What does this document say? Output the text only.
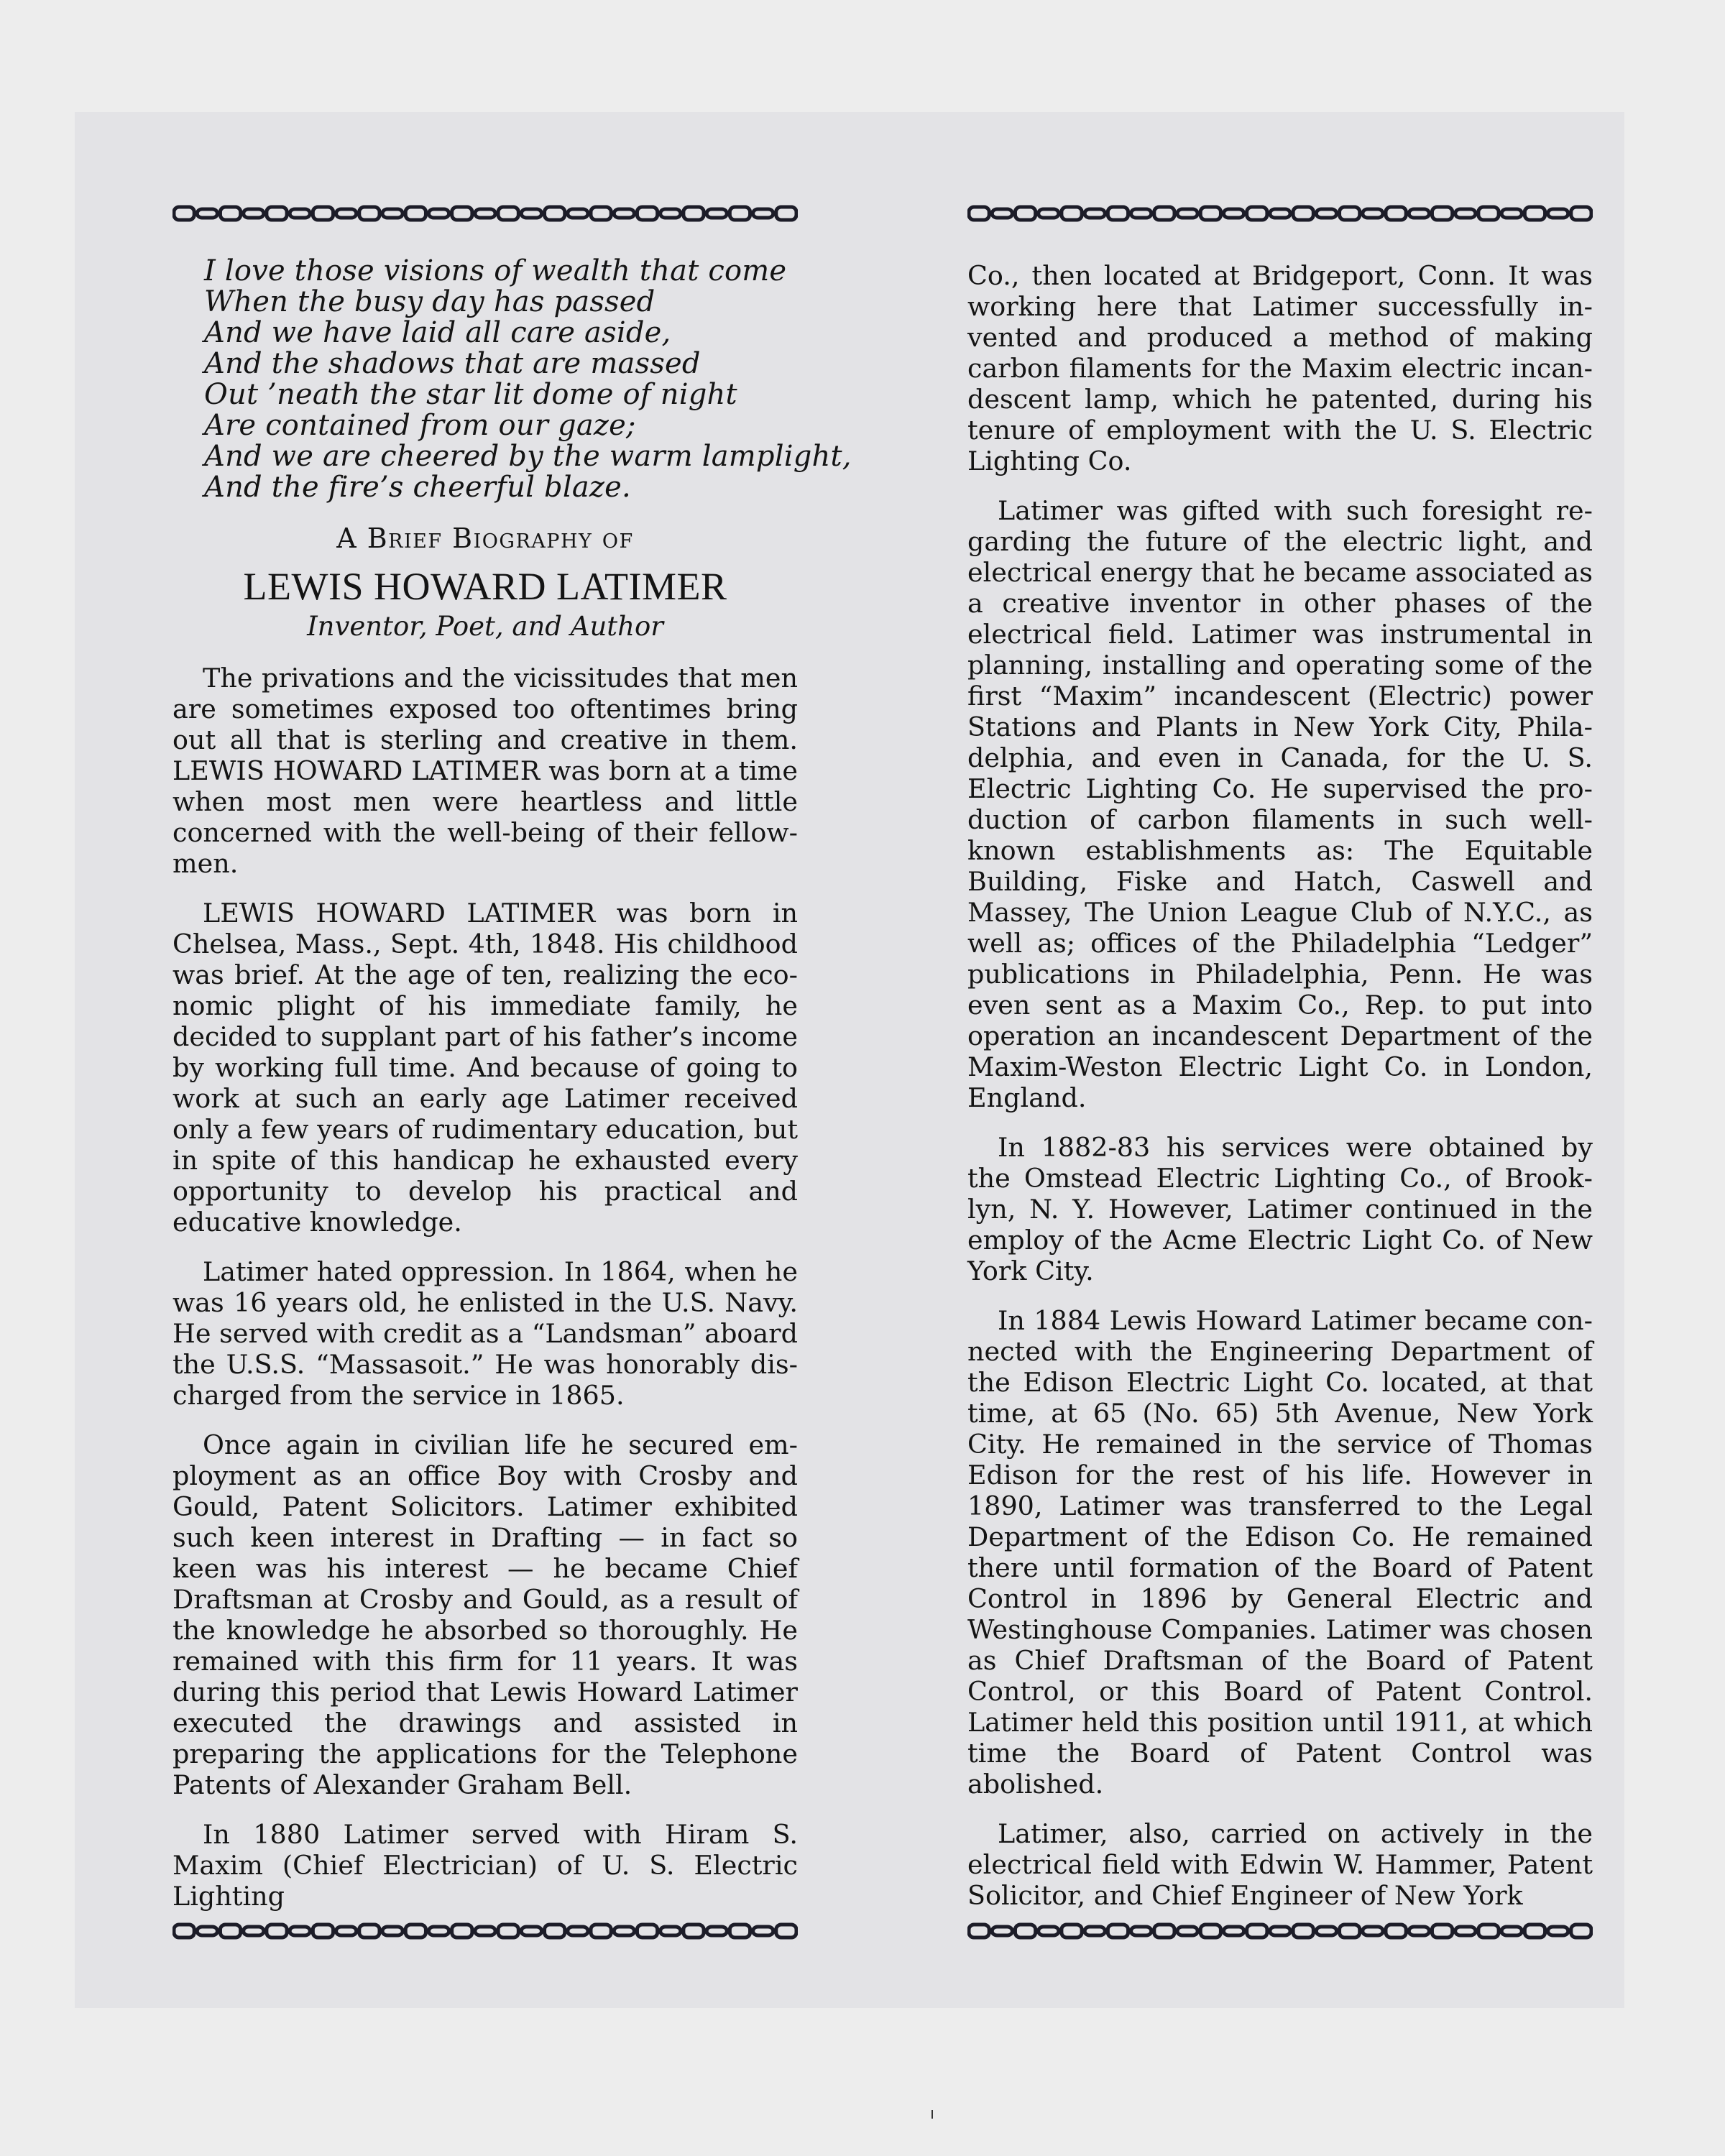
I love those visions of wealth that come
When the busy day has passed
And we have laid all care aside,
And the shadows that are massed
Out ’neath the star lit dome of night
Are contained from our gaze;
And we are cheered by the warm lamplight,
And the fire’s cheerful blaze.
A Brief Biography of
LEWIS HOWARD LATIMER
Inventor, Poet, and Author

The privations and the vicissitudes that men are sometimes exposed too oftentimes bring out all that is sterling and creative in them. LEWIS HOWARD LATIMER was born at a time when most men were heartless and little concerned with the well-being of their fellowmen.

LEWIS HOWARD LATIMER was born in Chelsea, Mass., Sept. 4th, 1848. His childhood was brief. At the age of ten, realizing the economic plight of his immediate family, he decided to supplant part of his father’s income by working full time. And because of going to work at such an early age Latimer received only a few years of rudimentary education, but in spite of this handicap he exhausted every opportunity to develop his practical and educative knowledge.

Latimer hated oppression. In 1864, when he was 16 years old, he enlisted in the U.S. Navy. He served with credit as a “Landsman” aboard the U.S.S. “Massasoit.” He was honorably discharged from the service in 1865.

Once again in civilian life he secured employment as an office Boy with Crosby and Gould, Patent Solicitors. Latimer exhibited such keen interest in Drafting — in fact so keen was his interest — he became Chief Draftsman at Crosby and Gould, as a result of the knowledge he absorbed so thoroughly. He remained with this firm for 11 years. It was during this period that Lewis Howard Latimer executed the drawings and assisted in preparing the applications for the Telephone Patents of Alexander Graham Bell.

In 1880 Latimer served with Hiram S. Maxim (Chief Electrician) of U. S. Electric Lighting

Co., then located at Bridgeport, Conn. It was working here that Latimer successfully invented and produced a method of making carbon filaments for the Maxim electric incandescent lamp, which he patented, during his tenure of employment with the U. S. Electric Lighting Co.

Latimer was gifted with such foresight regarding the future of the electric light, and electrical energy that he became associated as a creative inventor in other phases of the electrical field. Latimer was instrumental in planning, installing and operating some of the first “Maxim” incandescent (Electric) power Stations and Plants in New York City, Philadelphia, and even in Canada, for the U. S. Electric Lighting Co. He supervised the production of carbon filaments in such well-known establishments as: The Equitable Building, Fiske and Hatch, Caswell and Massey, The Union League Club of N.Y.C., as well as; offices of the Philadelphia “Ledger” publications in Philadelphia, Penn. He was even sent as a Maxim Co., Rep. to put into operation an incandescent Department of the Maxim-Weston Electric Light Co. in London, England.

In 1882-83 his services were obtained by the Omstead Electric Lighting Co., of Brooklyn, N. Y. However, Latimer continued in the employ of the Acme Electric Light Co. of New York City.

In 1884 Lewis Howard Latimer became connected with the Engineering Department of the Edison Electric Light Co. located, at that time, at 65 (No. 65) 5th Avenue, New York City. He remained in the service of Thomas Edison for the rest of his life. However in 1890, Latimer was transferred to the Legal Department of the Edison Co. He remained there until formation of the Board of Patent Control in 1896 by General Electric and Westinghouse Companies. Latimer was chosen as Chief Draftsman of the Board of Patent Control, or this Board of Patent Control. Latimer held this position until 1911, at which time the Board of Patent Control was abolished.

Latimer, also, carried on actively in the electrical field with Edwin W. Hammer, Patent Solicitor, and Chief Engineer of New York
